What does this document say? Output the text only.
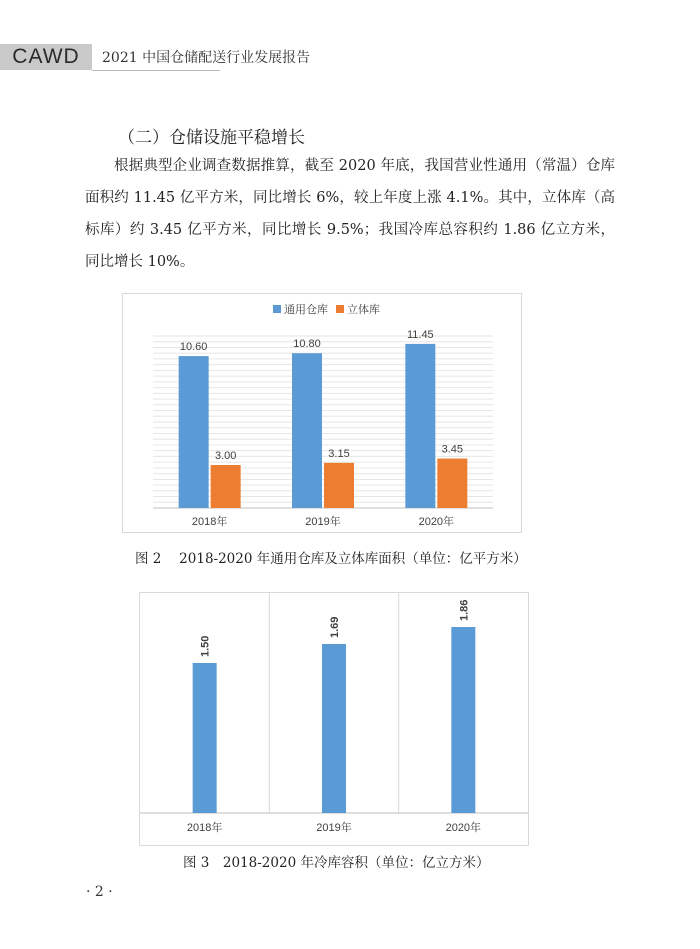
CAWD	2021 中国仓储配送行业发展报告
（二）仓储设施平稳增长
根据典型企业调查数据推算，截至 2020 年底，我国营业性通用（常温）仓库面积约 11.45 亿平方米，同比增长 6%，较上年度上涨 4.1%。其中，立体库（高标库）约 3.45 亿平方米，同比增长 9.5%；我国冷库总容积约 1.86 亿立方米，同比增长 10%。
通用仓库 立体库
10.60
3.00
2018年
10.80
3.15
2019年
11.45
3.45
2020年
图 2　 2018-2020 年通用仓库及立体库面积（单位：亿平方米）
1.50
2018年
1.69
2019年
1.86
2020年
图 3　2018-2020 年冷库容积（单位：亿立方米）
· 2 ·
